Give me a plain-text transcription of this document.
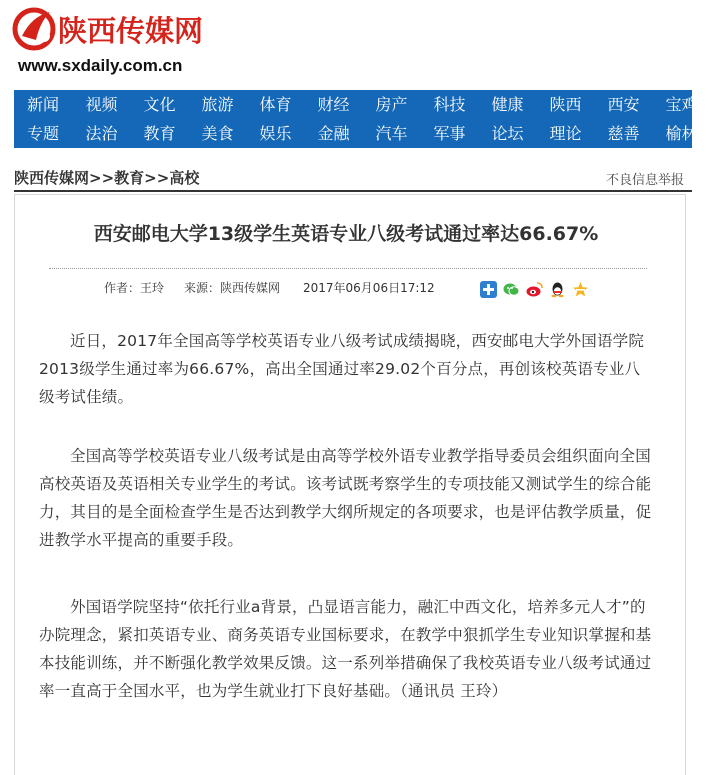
陕西传媒网
www.sxdaily.com.cn
新闻	视频	文化	旅游	体育	财经	房产	科技	健康	陕西	西安	宝鸡
专题	法治	教育	美食	娱乐	金融	汽车	军事	论坛	理论	慈善	榆林
陕西传媒网>>教育>>高校	不良信息举报
西安邮电大学13级学生英语专业八级考试通过率达66.67%
作者：王玲 来源：陕西传媒网 2017年06月06日17:12

近日，2017年全国高等学校英语专业八级考试成绩揭晓，西安邮电大学外国语学院2013级学生通过率为66.67%，高出全国通过率29.02个百分点，再创该校英语专业八级考试佳绩。

全国高等学校英语专业八级考试是由高等学校外语专业教学指导委员会组织面向全国高校英语及英语相关专业学生的考试。该考试既考察学生的专项技能又测试学生的综合能力，其目的是全面检查学生是否达到教学大纲所规定的各项要求，也是评估教学质量，促进教学水平提高的重要手段。

外国语学院坚持“依托行业a背景，凸显语言能力，融汇中西文化，培养多元人才”的办院理念，紧扣英语专业、商务英语专业国标要求，在教学中狠抓学生专业知识掌握和基本技能训练，并不断强化教学效果反馈。这一系列举措确保了我校英语专业八级考试通过率一直高于全国水平，也为学生就业打下良好基础。（通讯员 王玲）
